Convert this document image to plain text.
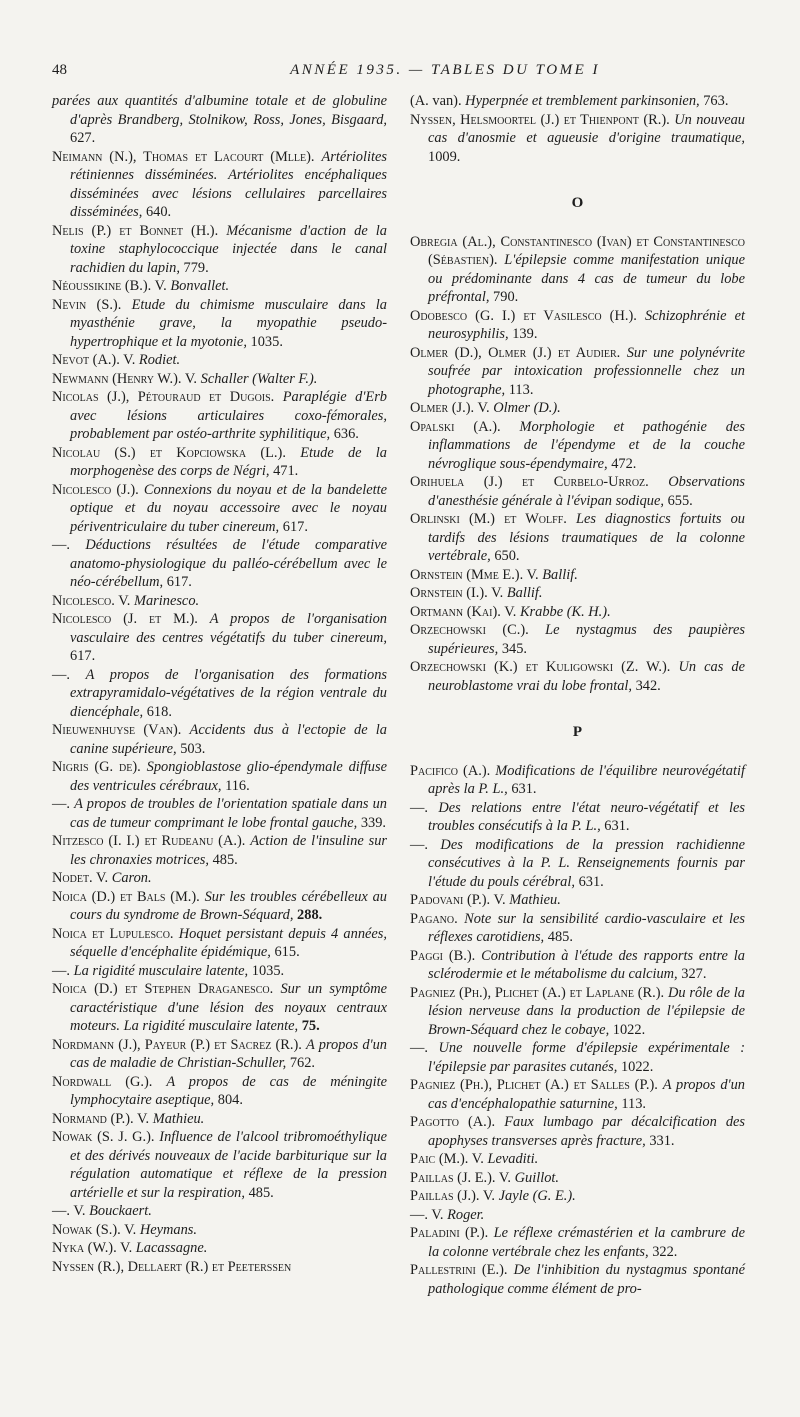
48	ANNÉE 1935. — TABLES DU TOME I

parées aux quantités d'albumine totale et de globuline d'après Brandberg, Stolnikow, Ross, Jones, Bisgaard, 627.

Neimann (N.), Thomas et Lacourt (Mlle). Artériolites rétiniennes disséminées. Artériolites encéphaliques disséminées avec lésions cellulaires parcellaires disséminées, 640.

Nelis (P.) et Bonnet (H.). Mécanisme d'action de la toxine staphylococcique injectée dans le canal rachidien du lapin, 779.

Néoussikine (B.). V. Bonvallet.

Nevin (S.). Etude du chimisme musculaire dans la myasthénie grave, la myopathie pseudo-hypertrophique et la myotonie, 1035.

Nevot (A.). V. Rodiet.

Newmann (Henry W.). V. Schaller (Walter F.).

Nicolas (J.), Pétouraud et Dugois. Paraplégie d'Erb avec lésions articulaires coxo-fémorales, probablement par ostéo-arthrite syphilitique, 636.

Nicolau (S.) et Kopciowska (L.). Etude de la morphogenèse des corps de Négri, 471.

Nicolesco (J.). Connexions du noyau et de la bandelette optique et du noyau accessoire avec le noyau périventriculaire du tuber cinereum, 617.

—. Déductions résultées de l'étude comparative anatomo-physiologique du palléo-cérébellum avec le néo-cérébellum, 617.

Nicolesco. V. Marinesco.

Nicolesco (J. et M.). A propos de l'organisation vasculaire des centres végétatifs du tuber cinereum, 617.

—. A propos de l'organisation des formations extrapyramidalo-végétatives de la région ventrale du diencéphale, 618.

Nieuwenhuyse (Van). Accidents dus à l'ectopie de la canine supérieure, 503.

Nigris (G. de). Spongioblastose glio-épendymale diffuse des ventricules cérébraux, 116.

—. A propos de troubles de l'orientation spatiale dans un cas de tumeur comprimant le lobe frontal gauche, 339.

Nitzesco (I. I.) et Rudeanu (A.). Action de l'insuline sur les chronaxies motrices, 485.

Nodet. V. Caron.

Noica (D.) et Bals (M.). Sur les troubles cérébelleux au cours du syndrome de Brown-Séquard, 288.

Noica et Lupulesco. Hoquet persistant depuis 4 années, séquelle d'encéphalite épidémique, 615.

—. La rigidité musculaire latente, 1035.

Noica (D.) et Stephen Draganesco. Sur un symptôme caractéristique d'une lésion des noyaux centraux moteurs. La rigidité musculaire latente, 75.

Nordmann (J.), Payeur (P.) et Sacrez (R.). A propos d'un cas de maladie de Christian-Schuller, 762.

Nordwall (G.). A propos de cas de méningite lymphocytaire aseptique, 804.

Normand (P.). V. Mathieu.

Nowak (S. J. G.). Influence de l'alcool tribromoéthylique et des dérivés nouveaux de l'acide barbiturique sur la régulation automatique et réflexe de la pression artérielle et sur la respiration, 485.

—. V. Bouckaert.

Nowak (S.). V. Heymans.

Nyka (W.). V. Lacassagne.

Nyssen (R.), Dellaert (R.) et Peeterssen

(A. van). Hyperpnée et tremblement parkinsonien, 763.

Nyssen, Helsmoortel (J.) et Thienpont (R.). Un nouveau cas d'anosmie et agueusie d'origine traumatique, 1009.

O

Obregia (Al.), Constantinesco (Ivan) et Constantinesco (Sébastien). L'épilepsie comme manifestation unique ou prédominante dans 4 cas de tumeur du lobe préfrontal, 790.

Odobesco (G. I.) et Vasilesco (H.). Schizophrénie et neurosyphilis, 139.

Olmer (D.), Olmer (J.) et Audier. Sur une polynévrite soufrée par intoxication professionnelle chez un photographe, 113.

Olmer (J.). V. Olmer (D.).

Opalski (A.). Morphologie et pathogénie des inflammations de l'épendyme et de la couche névroglique sous-épendymaire, 472.

Orihuela (J.) et Curbelo-Urroz. Observations d'anesthésie générale à l'évipan sodique, 655.

Orlinski (M.) et Wolff. Les diagnostics fortuits ou tardifs des lésions traumatiques de la colonne vertébrale, 650.

Ornstein (Mme E.). V. Ballif.

Ornstein (I.). V. Ballif.

Ortmann (Kai). V. Krabbe (K. H.).

Orzechowski (C.). Le nystagmus des paupières supérieures, 345.

Orzechowski (K.) et Kuligowski (Z. W.). Un cas de neuroblastome vrai du lobe frontal, 342.

P

Pacifico (A.). Modifications de l'équilibre neurovégétatif après la P. L., 631.

—. Des relations entre l'état neuro-végétatif et les troubles consécutifs à la P. L., 631.

—. Des modifications de la pression rachidienne consécutives à la P. L. Renseignements fournis par l'étude du pouls cérébral, 631.

Padovani (P.). V. Mathieu.

Pagano. Note sur la sensibilité cardio-vasculaire et les réflexes carotidiens, 485.

Paggi (B.). Contribution à l'étude des rapports entre la sclérodermie et le métabolisme du calcium, 327.

Pagniez (Ph.), Plichet (A.) et Laplane (R.). Du rôle de la lésion nerveuse dans la production de l'épilepsie de Brown-Séquard chez le cobaye, 1022.

—. Une nouvelle forme d'épilepsie expérimentale : l'épilepsie par parasites cutanés, 1022.

Pagniez (Ph.), Plichet (A.) et Salles (P.). A propos d'un cas d'encéphalopathie saturnine, 113.

Pagotto (A.). Faux lumbago par décalcification des apophyses transverses après fracture, 331.

Paic (M.). V. Levaditi.

Paillas (J. E.). V. Guillot.

Paillas (J.). V. Jayle (G. E.).

—. V. Roger.

Paladini (P.). Le réflexe crémastérien et la cambrure de la colonne vertébrale chez les enfants, 322.

Pallestrini (E.). De l'inhibition du nystagmus spontané pathologique comme élément de pro-
